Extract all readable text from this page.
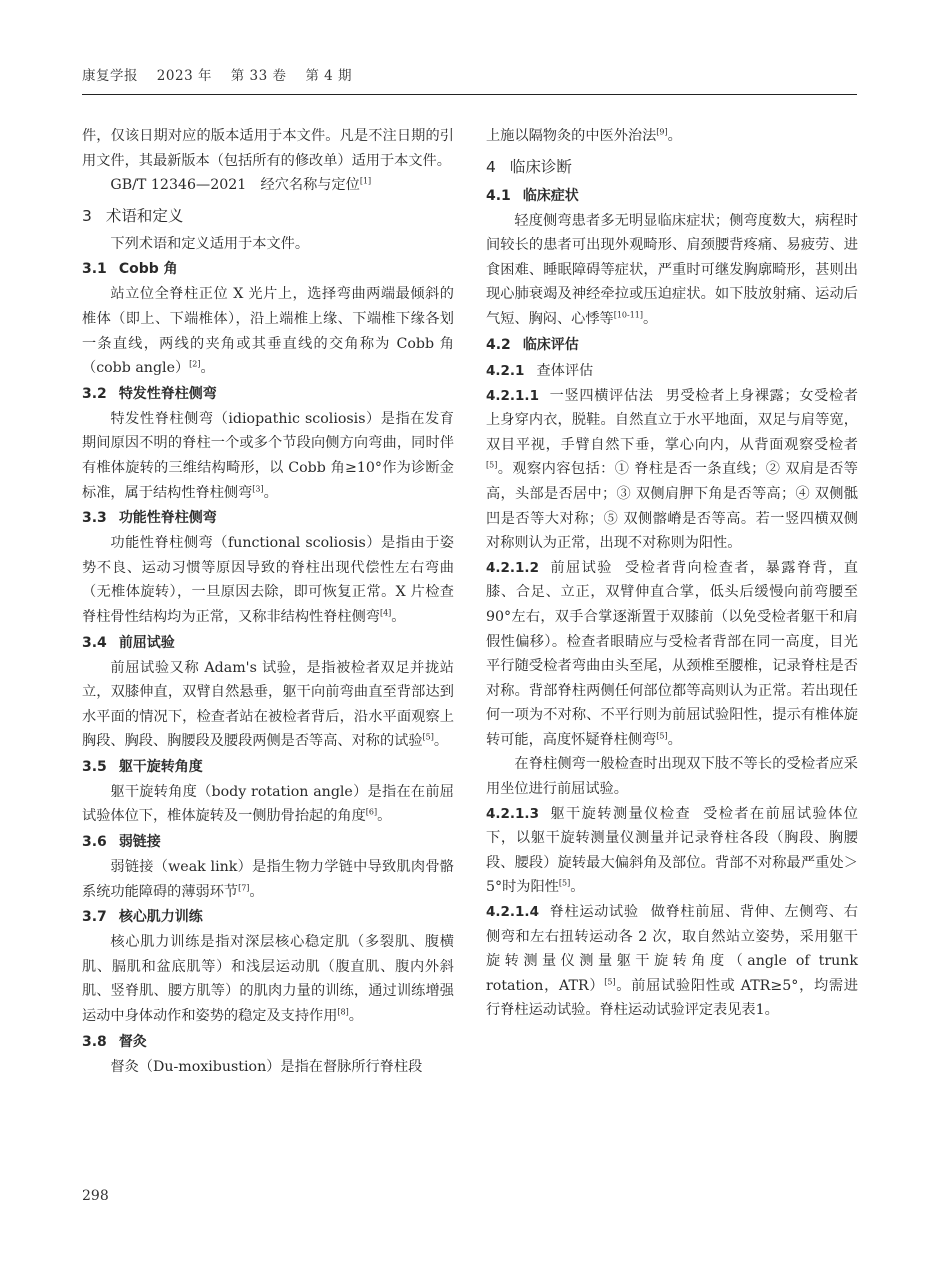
康复学报 2023 年 第 33 卷 第 4 期

件，仅该日期对应的版本适用于本文件。凡是不注日期的引用文件，其最新版本（包括所有的修改单）适用于本文件。

GB/T 12346—2021　经穴名称与定位[1]

3 术语和定义

下列术语和定义适用于本文件。

3.1 Cobb 角

站立位全脊柱正位 X 光片上，选择弯曲两端最倾斜的椎体（即上、下端椎体），沿上端椎上缘、下端椎下缘各划一条直线，两线的夹角或其垂直线的交角称为 Cobb 角（cobb angle）[2]。

3.2 特发性脊柱侧弯

特发性脊柱侧弯（idiopathic scoliosis）是指在发育期间原因不明的脊柱一个或多个节段向侧方向弯曲，同时伴有椎体旋转的三维结构畸形，以 Cobb 角≥10°作为诊断金标准，属于结构性脊柱侧弯[3]。

3.3 功能性脊柱侧弯

功能性脊柱侧弯（functional scoliosis）是指由于姿势不良、运动习惯等原因导致的脊柱出现代偿性左右弯曲（无椎体旋转），一旦原因去除，即可恢复正常。X 片检查脊柱骨性结构均为正常，又称非结构性脊柱侧弯[4]。

3.4 前屈试验

前屈试验又称 Adam's 试验，是指被检者双足并拢站立，双膝伸直，双臂自然悬垂，躯干向前弯曲直至背部达到水平面的情况下，检查者站在被检者背后，沿水平面观察上胸段、胸段、胸腰段及腰段两侧是否等高、对称的试验[5]。

3.5 躯干旋转角度

躯干旋转角度（body rotation angle）是指在在前屈试验体位下，椎体旋转及一侧肋骨抬起的角度[6]。

3.6 弱链接

弱链接（weak link）是指生物力学链中导致肌肉骨骼系统功能障碍的薄弱环节[7]。

3.7 核心肌力训练

核心肌力训练是指对深层核心稳定肌（多裂肌、腹横肌、膈肌和盆底肌等）和浅层运动肌（腹直肌、腹内外斜肌、竖脊肌、腰方肌等）的肌肉力量的训练，通过训练增强运动中身体动作和姿势的稳定及支持作用[8]。

3.8 督灸

督灸（Du-moxibustion）是指在督脉所行脊柱段

上施以隔物灸的中医外治法[9]。

4 临床诊断
4.1 临床症状

轻度侧弯患者多无明显临床症状；侧弯度数大，病程时间较长的患者可出现外观畸形、肩颈腰背疼痛、易疲劳、进食困难、睡眠障碍等症状，严重时可继发胸廓畸形，甚则出现心肺衰竭及神经牵拉或压迫症状。如下肢放射痛、运动后气短、胸闷、心悸等[10-11]。

4.2 临床评估
4.2.1 查体评估

4.2.1.1 一竖四横评估法 男受检者上身裸露；女受检者上身穿内衣，脱鞋。自然直立于水平地面，双足与肩等宽，双目平视，手臂自然下垂，掌心向内，从背面观察受检者[5]。观察内容包括：① 脊柱是否一条直线；② 双肩是否等高，头部是否居中；③ 双侧肩胛下角是否等高；④ 双侧骶凹是否等大对称；⑤ 双侧髂嵴是否等高。若一竖四横双侧对称则认为正常，出现不对称则为阳性。

4.2.1.2 前屈试验 受检者背向检查者，暴露脊背，直膝、合足、立正，双臂伸直合掌，低头后缓慢向前弯腰至 90°左右，双手合掌逐渐置于双膝前（以免受检者躯干和肩假性偏移）。检查者眼睛应与受检者背部在同一高度，目光平行随受检者弯曲由头至尾，从颈椎至腰椎，记录脊柱是否对称。背部脊柱两侧任何部位都等高则认为正常。若出现任何一项为不对称、不平行则为前屈试验阳性，提示有椎体旋转可能，高度怀疑脊柱侧弯[5]。

在脊柱侧弯一般检查时出现双下肢不等长的受检者应采用坐位进行前屈试验。

4.2.1.3 躯干旋转测量仪检查 受检者在前屈试验体位下，以躯干旋转测量仪测量并记录脊柱各段（胸段、胸腰段、腰段）旋转最大偏斜角及部位。背部不对称最严重处＞5°时为阳性[5]。

4.2.1.4 脊柱运动试验 做脊柱前屈、背伸、左侧弯、右侧弯和左右扭转运动各 2 次，取自然站立姿势，采用躯干旋转测量仪测量躯干旋转角度（angle of trunk rotation，ATR）[5]。前屈试验阳性或 ATR≥5°，均需进行脊柱运动试验。脊柱运动试验评定表见表1。

298
